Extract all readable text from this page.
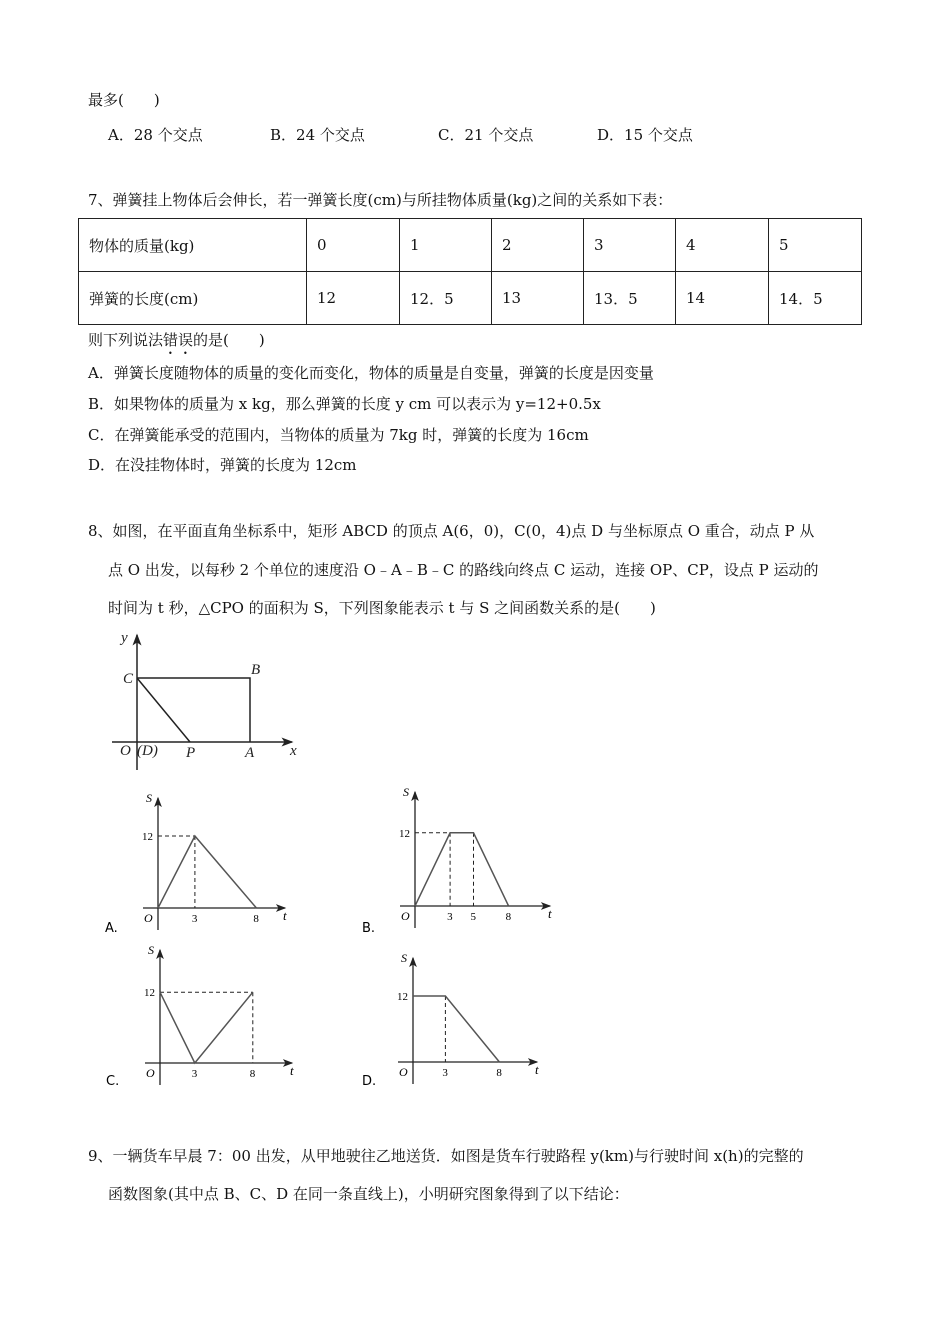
最多(　　)
A．28 个交点	B．24 个交点	C．21 个交点	D．15 个交点
7、弹簧挂上物体后会伸长，若一弹簧长度(cm)与所挂物体质量(kg)之间的关系如下表：
物体的质量(kg)	0	1	2	3	4	5
弹簧的长度(cm)	12	12．5	13	13．5	14	14．5
则下列说法错误的是(　　)
A．弹簧长度随物体的质量的变化而变化，物体的质量是自变量，弹簧的长度是因变量
B．如果物体的质量为 x kg，那么弹簧的长度 y cm 可以表示为 y=12+0.5x
C．在弹簧能承受的范围内，当物体的质量为 7kg 时，弹簧的长度为 16cm
D．在没挂物体时，弹簧的长度为 12cm
8、如图，在平面直角坐标系中，矩形 ABCD 的顶点 A(6，0)，C(0，4)点 D 与坐标原点 O 重合，动点 P 从
点 O 出发，以每秒 2 个单位的速度沿 O﹣A﹣B﹣C 的路线向终点 C 运动，连接 OP、CP，设点 P 运动的
时间为 t 秒，△CPO 的面积为 S，下列图象能表示 t 与 S 之间函数关系的是(　　)
y
x
C
B
O (D) P	A
3	8
12
O	t
S
A.
3 5	8
12
O	t
S
B.
3	8
12
O	t
S
C.
3	8
12
O	t
S
D.
9、一辆货车早晨 7：00 出发，从甲地驶往乙地送货．如图是货车行驶路程 y(km)与行驶时间 x(h)的完整的
函数图象(其中点 B、C、D 在同一条直线上)，小明研究图象得到了以下结论：
